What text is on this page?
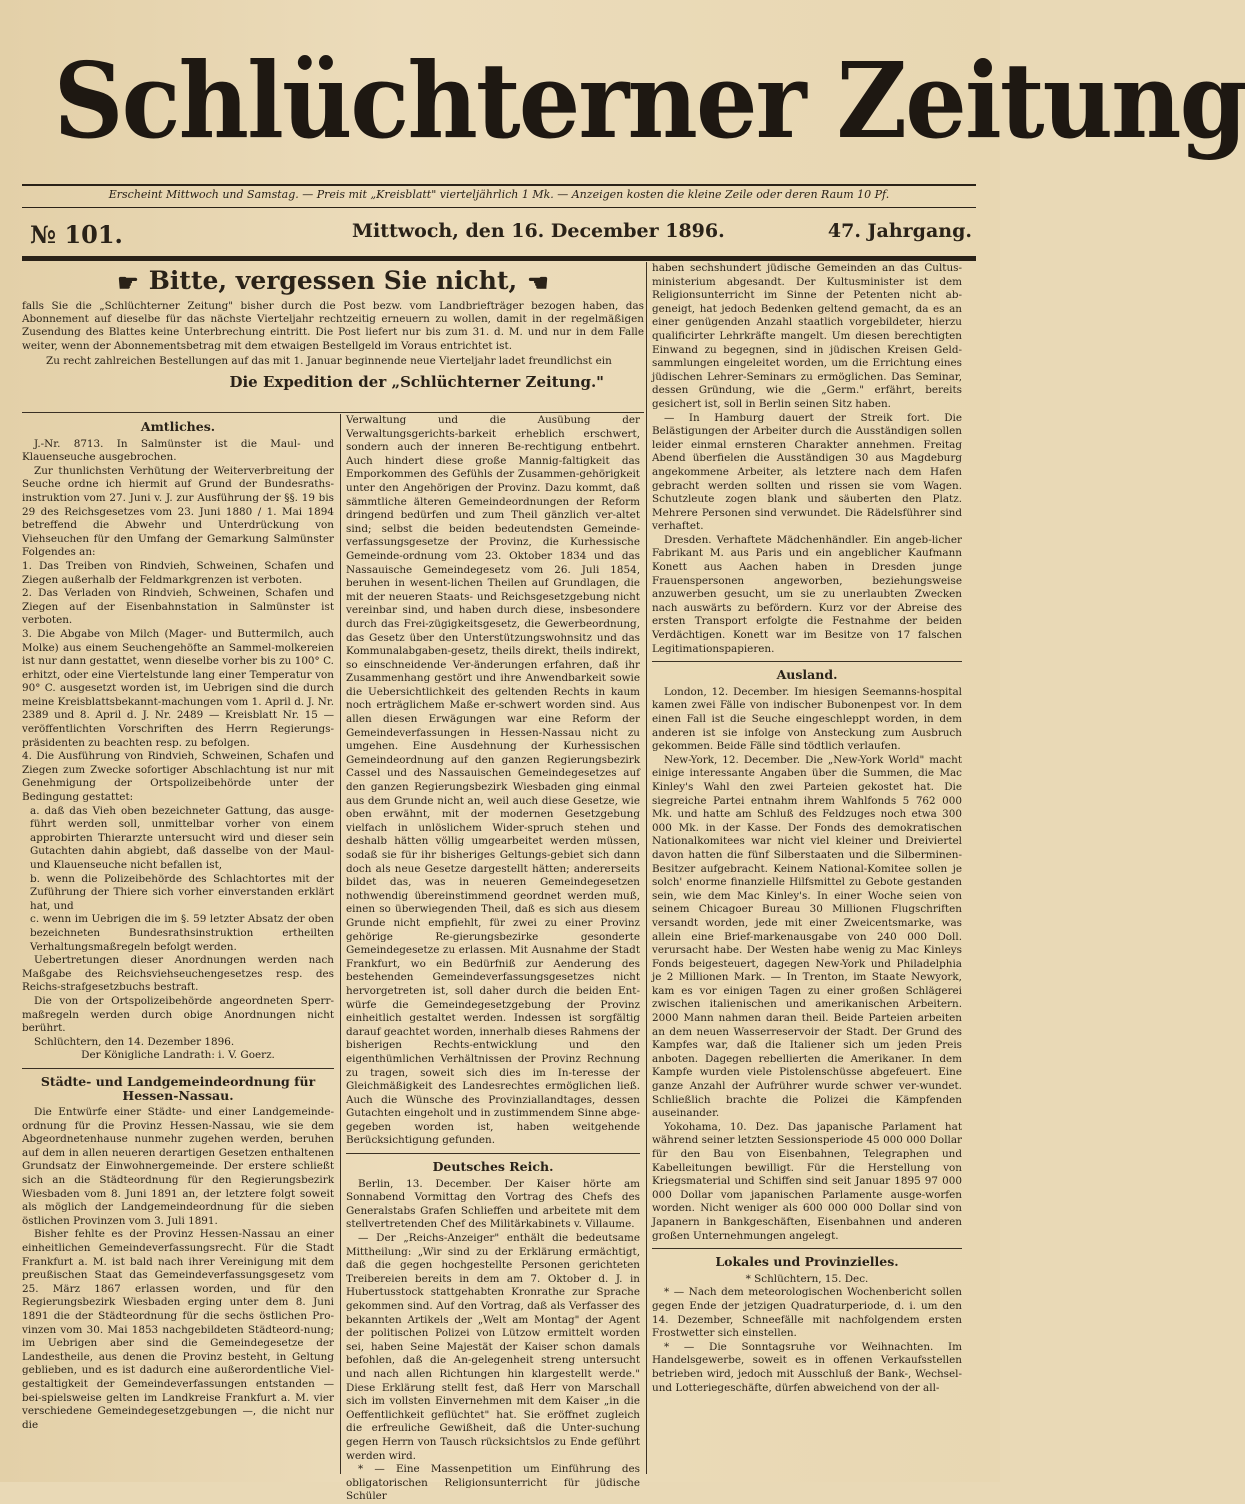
Schlüchterner Zeitung
Erscheint Mittwoch und Samstag. — Preis mit „Kreisblatt" vierteljährlich 1 Mk. — Anzeigen kosten die kleine Zeile oder deren Raum 10 Pf.
№ 101.	Mittwoch, den 16. December 1896.	47. Jahrgang.
☛ Bitte, vergessen Sie nicht, ☚

falls Sie die „Schlüchterner Zeitung" bisher durch die Post bezw. vom Landbriefträger bezogen haben, das Abonnement auf dieselbe für das nächste Vierteljahr rechtzeitig erneuern zu wollen, damit in der regelmäßigen Zusendung des Blattes keine Unterbrechung eintritt. Die Post liefert nur bis zum 31. d. M. und nur in dem Falle weiter, wenn der Abonnementsbetrag mit dem etwaigen Bestellgeld im Voraus entrichtet ist.

Zu recht zahlreichen Bestellungen auf das mit 1. Januar beginnende neue Vierteljahr ladet freundlichst ein

Die Expedition der „Schlüchterner Zeitung."
Amtliches.

J.-Nr. 8713. In Salmünster ist die Maul- und Klauenseuche ausgebrochen.

Zur thunlichsten Verhütung der Weiterverbreitung der Seuche ordne ich hiermit auf Grund der Bundesraths-instruktion vom 27. Juni v. J. zur Ausführung der §§. 19 bis 29 des Reichsgesetzes vom 23. Juni 1880 / 1. Mai 1894 betreffend die Abwehr und Unterdrückung von Viehseuchen für den Umfang der Gemarkung Salmünster Folgendes an:

1. Das Treiben von Rindvieh, Schweinen, Schafen und Ziegen außerhalb der Feldmarkgrenzen ist verboten.

2. Das Verladen von Rindvieh, Schweinen, Schafen und Ziegen auf der Eisenbahnstation in Salmünster ist verboten.

3. Die Abgabe von Milch (Mager- und Buttermilch, auch Molke) aus einem Seuchengehöfte an Sammel-molkereien ist nur dann gestattet, wenn dieselbe vorher bis zu 100° C. erhitzt, oder eine Viertelstunde lang einer Temperatur von 90° C. ausgesetzt worden ist, im Uebrigen sind die durch meine Kreisblattsbekannt-machungen vom 1. April d. J. Nr. 2389 und 8. April d. J. Nr. 2489 — Kreisblatt Nr. 15 — veröffentlichten Vorschriften des Herrn Regierungs-präsidenten zu beachten resp. zu befolgen.

4. Die Ausführung von Rindvieh, Schweinen, Schafen und Ziegen zum Zwecke sofortiger Abschlachtung ist nur mit Genehmigung der Ortspolizeibehörde unter der Bedingung gestattet:

a. daß das Vieh oben bezeichneter Gattung, das ausge-führt werden soll, unmittelbar vorher von einem approbirten Thierarzte untersucht wird und dieser sein Gutachten dahin abgiebt, daß dasselbe von der Maul- und Klauenseuche nicht befallen ist,

b. wenn die Polizeibehörde des Schlachtortes mit der Zuführung der Thiere sich vorher einverstanden erklärt hat, und

c. wenn im Uebrigen die im §. 59 letzter Absatz der oben bezeichneten Bundesrathsinstruktion ertheilten Verhaltungsmaßregeln befolgt werden.

Uebertretungen dieser Anordnungen werden nach Maßgabe des Reichsviehseuchengesetzes resp. des Reichs-strafgesetzbuchs bestraft.

Die von der Ortspolizeibehörde angeordneten Sperr-maßregeln werden durch obige Anordnungen nicht berührt.

Schlüchtern, den 14. Dezember 1896.

Der Königliche Landrath: i. V. Goerz.

Städte- und Landgemeindeordnung für Hessen-Nassau.

Die Entwürfe einer Städte- und einer Landgemeinde-ordnung für die Provinz Hessen-Nassau, wie sie dem Abgeordnetenhause nunmehr zugehen werden, beruhen auf dem in allen neueren derartigen Gesetzen enthaltenen Grundsatz der Einwohnergemeinde. Der erstere schließt sich an die Städteordnung für den Regierungsbezirk Wiesbaden vom 8. Juni 1891 an, der letztere folgt soweit als möglich der Landgemeindeordnung für die sieben östlichen Provinzen vom 3. Juli 1891.

Bisher fehlte es der Provinz Hessen-Nassau an einer einheitlichen Gemeindeverfassungsrecht. Für die Stadt Frankfurt a. M. ist bald nach ihrer Vereinigung mit dem preußischen Staat das Gemeindeverfassungsgesetz vom 25. März 1867 erlassen worden, und für den Regierungsbezirk Wiesbaden erging unter dem 8. Juni 1891 die der Städteordnung für die sechs östlichen Pro-vinzen vom 30. Mai 1853 nachgebildeten Städteord-nung; im Uebrigen aber sind die Gemeindegesetze der Landestheile, aus denen die Provinz besteht, in Geltung geblieben, und es ist dadurch eine außerordentliche Viel-gestaltigkeit der Gemeindeverfassungen entstanden — bei-spielsweise gelten im Landkreise Frankfurt a. M. vier verschiedene Gemeindegesetzgebungen —, die nicht nur die

Verwaltung und die Ausübung der Verwaltungsgerichts-barkeit erheblich erschwert, sondern auch der inneren Be-rechtigung entbehrt. Auch hindert diese große Mannig-faltigkeit das Emporkommen des Gefühls der Zusammen-gehörigkeit unter den Angehörigen der Provinz. Dazu kommt, daß sämmtliche älteren Gemeindeordnungen der Reform dringend bedürfen und zum Theil gänzlich ver-altet sind; selbst die beiden bedeutendsten Gemeinde-verfassungsgesetze der Provinz, die Kurhessische Gemeinde-ordnung vom 23. Oktober 1834 und das Nassauische Gemeindegesetz vom 26. Juli 1854, beruhen in wesent-lichen Theilen auf Grundlagen, die mit der neueren Staats- und Reichsgesetzgebung nicht vereinbar sind, und haben durch diese, insbesondere durch das Frei-zügigkeitsgesetz, die Gewerbeordnung, das Gesetz über den Unterstützungswohnsitz und das Kommunalabgaben-gesetz, theils direkt, theils indirekt, so einschneidende Ver-änderungen erfahren, daß ihr Zusammenhang gestört und ihre Anwendbarkeit sowie die Uebersichtlichkeit des geltenden Rechts in kaum noch erträglichem Maße er-schwert worden sind. Aus allen diesen Erwägungen war eine Reform der Gemeindeverfassungen in Hessen-Nassau nicht zu umgehen. Eine Ausdehnung der Kurhessischen Gemeindeordnung auf den ganzen Regierungsbezirk Cassel und des Nassauischen Gemeindegesetzes auf den ganzen Regierungsbezirk Wiesbaden ging einmal aus dem Grunde nicht an, weil auch diese Gesetze, wie oben erwähnt, mit der modernen Gesetzgebung vielfach in unlöslichem Wider-spruch stehen und deshalb hätten völlig umgearbeitet werden müssen, sodaß sie für ihr bisheriges Geltungs-gebiet sich dann doch als neue Gesetze dargestellt hätten; andererseits bildet das, was in neueren Gemeindegesetzen nothwendig übereinstimmend geordnet werden muß, einen so überwiegenden Theil, daß es sich aus diesem Grunde nicht empfiehlt, für zwei zu einer Provinz gehörige Re-gierungsbezirke gesonderte Gemeindegesetze zu erlassen. Mit Ausnahme der Stadt Frankfurt, wo ein Bedürfniß zur Aenderung des bestehenden Gemeindeverfassungsgesetzes nicht hervorgetreten ist, soll daher durch die beiden Ent-würfe die Gemeindegesetzgebung der Provinz einheitlich gestaltet werden. Indessen ist sorgfältig darauf geachtet worden, innerhalb dieses Rahmens der bisherigen Rechts-entwicklung und den eigenthümlichen Verhältnissen der Provinz Rechnung zu tragen, soweit sich dies im In-teresse der Gleichmäßigkeit des Landesrechtes ermöglichen ließ. Auch die Wünsche des Provinziallandtages, dessen Gutachten eingeholt und in zustimmendem Sinne abge-gegeben worden ist, haben weitgehende Berücksichtigung gefunden.

Deutsches Reich.

Berlin, 13. December. Der Kaiser hörte am Sonnabend Vormittag den Vortrag des Chefs des Generalstabs Grafen Schlieffen und arbeitete mit dem stellvertretenden Chef des Militärkabinets v. Villaume.

— Der „Reichs-Anzeiger" enthält die bedeutsame Mittheilung: „Wir sind zu der Erklärung ermächtigt, daß die gegen hochgestellte Personen gerichteten Treibereien bereits in dem am 7. Oktober d. J. in Hubertusstock stattgehabten Kronrathe zur Sprache gekommen sind. Auf den Vortrag, daß als Verfasser des bekannten Artikels der „Welt am Montag" der Agent der politischen Polizei von Lützow ermittelt worden sei, haben Seine Majestät der Kaiser schon damals befohlen, daß die An-gelegenheit streng untersucht und nach allen Richtungen hin klargestellt werde." Diese Erklärung stellt fest, daß Herr von Marschall sich im vollsten Einvernehmen mit dem Kaiser „in die Oeffentlichkeit geflüchtet" hat. Sie eröffnet zugleich die erfreuliche Gewißheit, daß die Unter-suchung gegen Herrn von Tausch rücksichtslos zu Ende geführt werden wird.

* — Eine Massenpetition um Einführung des obligatorischen Religionsunterricht für jüdische Schüler

haben sechshundert jüdische Gemeinden an das Cultus-ministerium abgesandt. Der Kultusminister ist dem Religionsunterricht im Sinne der Petenten nicht ab-geneigt, hat jedoch Bedenken geltend gemacht, da es an einer genügenden Anzahl staatlich vorgebildeter, hierzu qualificirter Lehrkräfte mangelt. Um diesen berechtigten Einwand zu begegnen, sind in jüdischen Kreisen Geld-sammlungen eingeleitet worden, um die Errichtung eines jüdischen Lehrer-Seminars zu ermöglichen. Das Seminar, dessen Gründung, wie die „Germ." erfährt, bereits gesichert ist, soll in Berlin seinen Sitz haben.

— In Hamburg dauert der Streik fort. Die Belästigungen der Arbeiter durch die Ausständigen sollen leider einmal ernsteren Charakter annehmen. Freitag Abend überfielen die Ausständigen 30 aus Magdeburg angekommene Arbeiter, als letztere nach dem Hafen gebracht werden sollten und rissen sie vom Wagen. Schutzleute zogen blank und säuberten den Platz. Mehrere Personen sind verwundet. Die Rädelsführer sind verhaftet.

Dresden. Verhaftete Mädchenhändler. Ein angeb-licher Fabrikant M. aus Paris und ein angeblicher Kaufmann Konett aus Aachen haben in Dresden junge Frauenspersonen angeworben, beziehungsweise anzuwerben gesucht, um sie zu unerlaubten Zwecken nach auswärts zu befördern. Kurz vor der Abreise des ersten Transport erfolgte die Festnahme der beiden Verdächtigen. Konett war im Besitze von 17 falschen Legitimationspapieren.

Ausland.

London, 12. December. Im hiesigen Seemanns-hospital kamen zwei Fälle von indischer Bubonenpest vor. In dem einen Fall ist die Seuche eingeschleppt worden, in dem anderen ist sie infolge von Ansteckung zum Ausbruch gekommen. Beide Fälle sind tödtlich verlaufen.

New-York, 12. December. Die „New-York World" macht einige interessante Angaben über die Summen, die Mac Kinley's Wahl den zwei Parteien gekostet hat. Die siegreiche Partei entnahm ihrem Wahlfonds 5 762 000 Mk. und hatte am Schluß des Feldzuges noch etwa 300 000 Mk. in der Kasse. Der Fonds des demokratischen Nationalkomitees war nicht viel kleiner und Dreiviertel davon hatten die fünf Silberstaaten und die Silberminen-Besitzer aufgebracht. Keinem National-Komitee sollen je solch' enorme finanzielle Hilfsmittel zu Gebote gestanden sein, wie dem Mac Kinley's. In einer Woche seien von seinem Chicagoer Bureau 30 Millionen Flugschriften versandt worden, jede mit einer Zweicentsmarke, was allein eine Brief-markenausgabe von 240 000 Doll. verursacht habe. Der Westen habe wenig zu Mac Kinleys Fonds beigesteuert, dagegen New-York und Philadelphia je 2 Millionen Mark. — In Trenton, im Staate Newyork, kam es vor einigen Tagen zu einer großen Schlägerei zwischen italienischen und amerikanischen Arbeitern. 2000 Mann nahmen daran theil. Beide Parteien arbeiten an dem neuen Wasserreservoir der Stadt. Der Grund des Kampfes war, daß die Italiener sich um jeden Preis anboten. Dagegen rebellierten die Amerikaner. In dem Kampfe wurden viele Pistolenschüsse abgefeuert. Eine ganze Anzahl der Aufrührer wurde schwer ver-wundet. Schließlich brachte die Polizei die Kämpfenden auseinander.

Yokohama, 10. Dez. Das japanische Parlament hat während seiner letzten Sessionsperiode 45 000 000 Dollar für den Bau von Eisenbahnen, Telegraphen und Kabelleitungen bewilligt. Für die Herstellung von Kriegsmaterial und Schiffen sind seit Januar 1895 97 000 000 Dollar vom japanischen Parlamente ausge-worfen worden. Nicht weniger als 600 000 000 Dollar sind von Japanern in Bankgeschäften, Eisenbahnen und anderen großen Unternehmungen angelegt.

Lokales und Provinzielles.

* Schlüchtern, 15. Dec.

* — Nach dem meteorologischen Wochenbericht sollen gegen Ende der jetzigen Quadraturperiode, d. i. um den 14. Dezember, Schneefälle mit nachfolgendem ersten Frostwetter sich einstellen.

* — Die Sonntagsruhe vor Weihnachten. Im Handelsgewerbe, soweit es in offenen Verkaufsstellen betrieben wird, jedoch mit Ausschluß der Bank-, Wechsel- und Lotteriegeschäfte, dürfen abweichend von der all-
